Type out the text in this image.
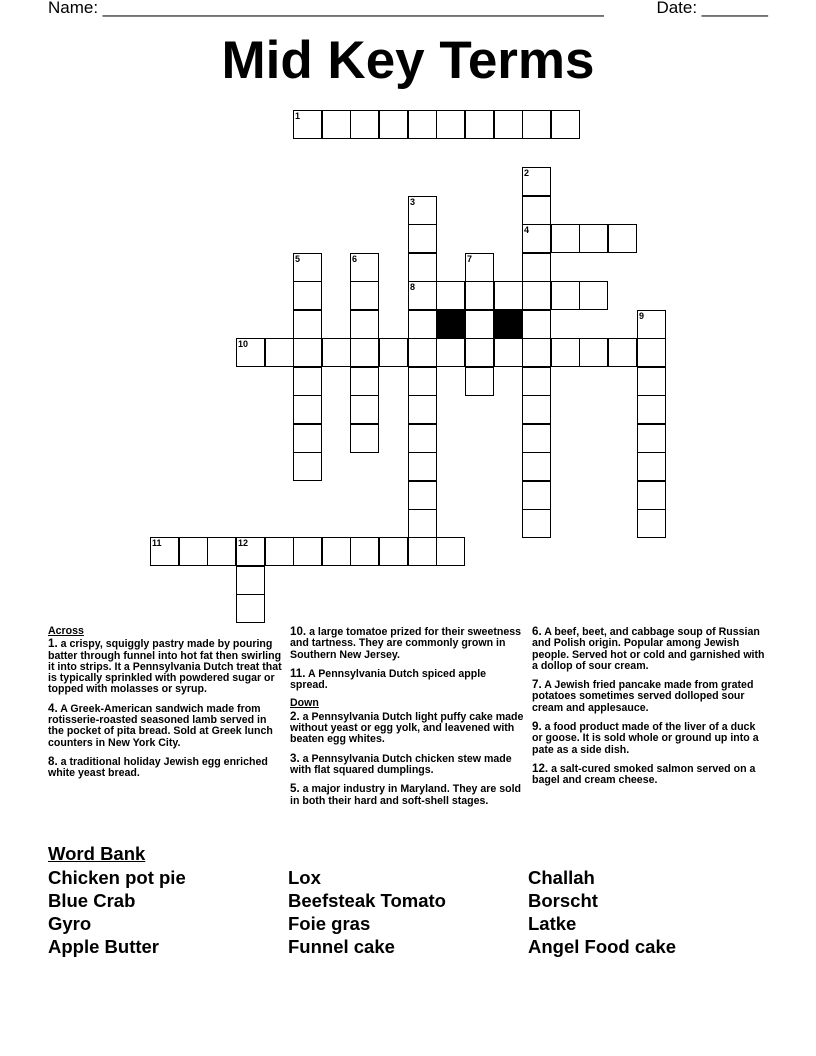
Name: _____________________________________________________	Date: _______
Mid Key Terms
1
2
3
4
5	6	7
8
9
10
11	12
Across
1. a crispy, squiggly pastry made by pouring batter through funnel into hot fat then swirling it into strips. It a Pennsylvania Dutch treat that is typically sprinkled with powdered sugar or topped with molasses or syrup.
4. A Greek-American sandwich made from rotisserie-roasted seasoned lamb served in the pocket of pita bread. Sold at Greek lunch counters in New York City.
8. a traditional holiday Jewish egg enriched white yeast bread.
10. a large tomatoe prized for their sweetness and tartness. They are commonly grown in Southern New Jersey.
11. A Pennsylvania Dutch spiced apple spread.
Down
2. a Pennsylvania Dutch light puffy cake made without yeast or egg yolk, and leavened with beaten egg whites.
3. a Pennsylvania Dutch chicken stew made with flat squared dumplings.
5. a major industry in Maryland. They are sold in both their hard and soft-shell stages.
6. A beef, beet, and cabbage soup of Russian and Polish origin. Popular among Jewish people. Served hot or cold and garnished with a dollop of sour cream.
7. A Jewish fried pancake made from grated potatoes sometimes served dolloped sour cream and applesauce.
9. a food product made of the liver of a duck or goose. It is sold whole or ground up into a pate as a side dish.
12. a salt-cured smoked salmon served on a bagel and cream cheese.
Word Bank
Chicken pot pie	Lox	Challah
Blue Crab	Beefsteak Tomato	Borscht
Gyro	Foie gras	Latke
Apple Butter	Funnel cake	Angel Food cake
